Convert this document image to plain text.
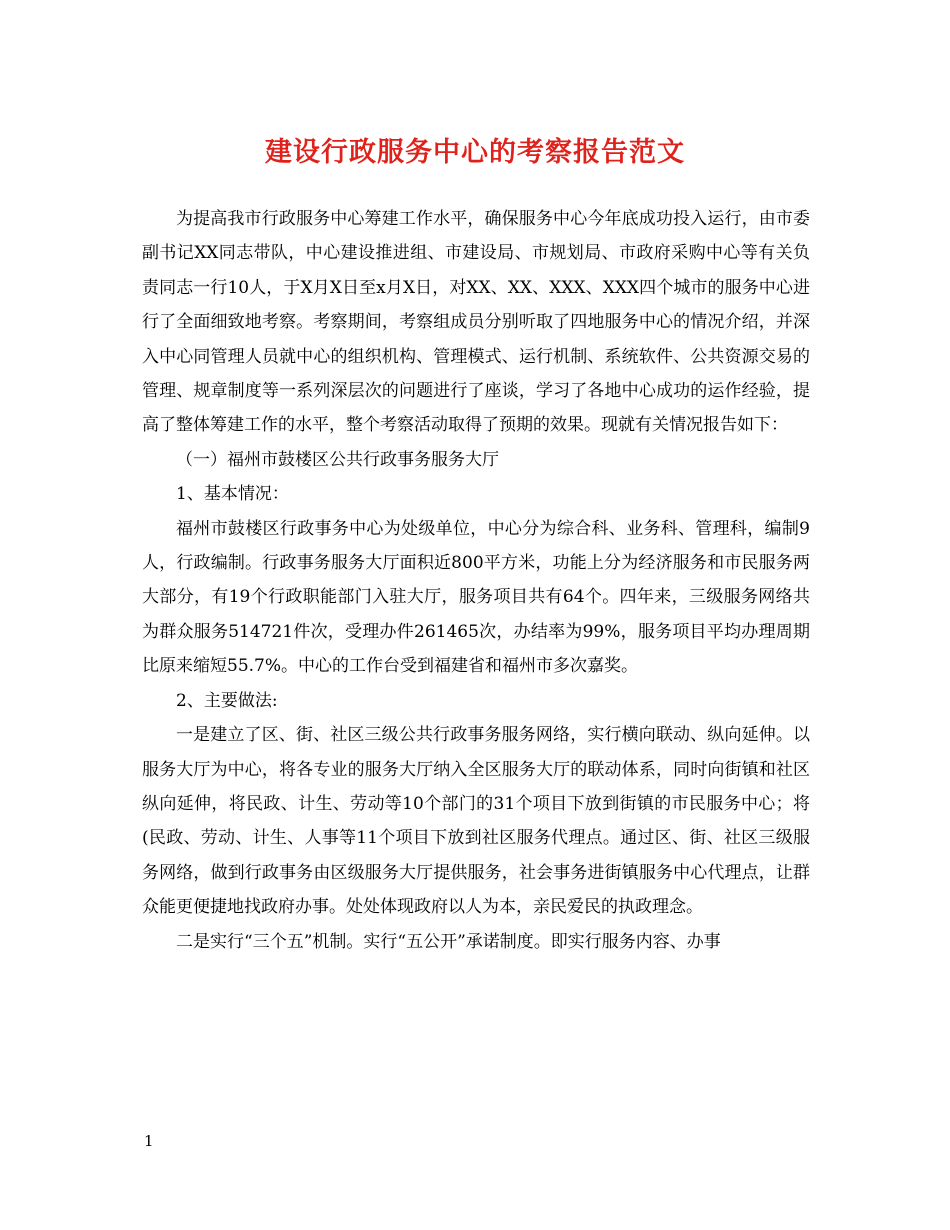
建设行政服务中心的考察报告范文

为提高我市行政服务中心筹建工作水平，确保服务中心今年底成功投入运行，由市委副书记XX同志带队，中心建设推进组、市建设局、市规划局、市政府采购中心等有关负责同志一行10人，于X月X日至x月X日，对XX、XX、XXX、XXX四个城市的服务中心进行了全面细致地考察。考察期间，考察组成员分别听取了四地服务中心的情况介绍，并深入中心同管理人员就中心的组织机构、管理模式、运行机制、系统软件、公共资源交易的管理、规章制度等一系列深层次的问题进行了座谈，学习了各地中心成功的运作经验，提高了整体筹建工作的水平，整个考察活动取得了预期的效果。现就有关情况报告如下：

（一）福州市鼓楼区公共行政事务服务大厅

1、基本情况：

福州市鼓楼区行政事务中心为处级单位，中心分为综合科、业务科、管理科，编制9人，行政编制。行政事务服务大厅面积近800平方米，功能上分为经济服务和市民服务两大部分，有19个行政职能部门入驻大厅，服务项目共有64个。四年来，三级服务网络共为群众服务514721件次，受理办件261465次，办结率为99%，服务项目平均办理周期比原来缩短55.7%。中心的工作台受到福建省和福州市多次嘉奖。

2、主要做法:

一是建立了区、街、社区三级公共行政事务服务网络，实行横向联动、纵向延伸。以服务大厅为中心，将各专业的服务大厅纳入全区服务大厅的联动体系，同时向街镇和社区纵向延伸，将民政、计生、劳动等10个部门的31个项目下放到街镇的市民服务中心；将(民政、劳动、计生、人事等11个项目下放到社区服务代理点。通过区、街、社区三级服务网络，做到行政事务由区级服务大厅提供服务，社会事务进街镇服务中心代理点，让群众能更便捷地找政府办事。处处体现政府以人为本，亲民爱民的执政理念。

二是实行“三个五”机制。实行“五公开”承诺制度。即实行服务内容、办事

1
